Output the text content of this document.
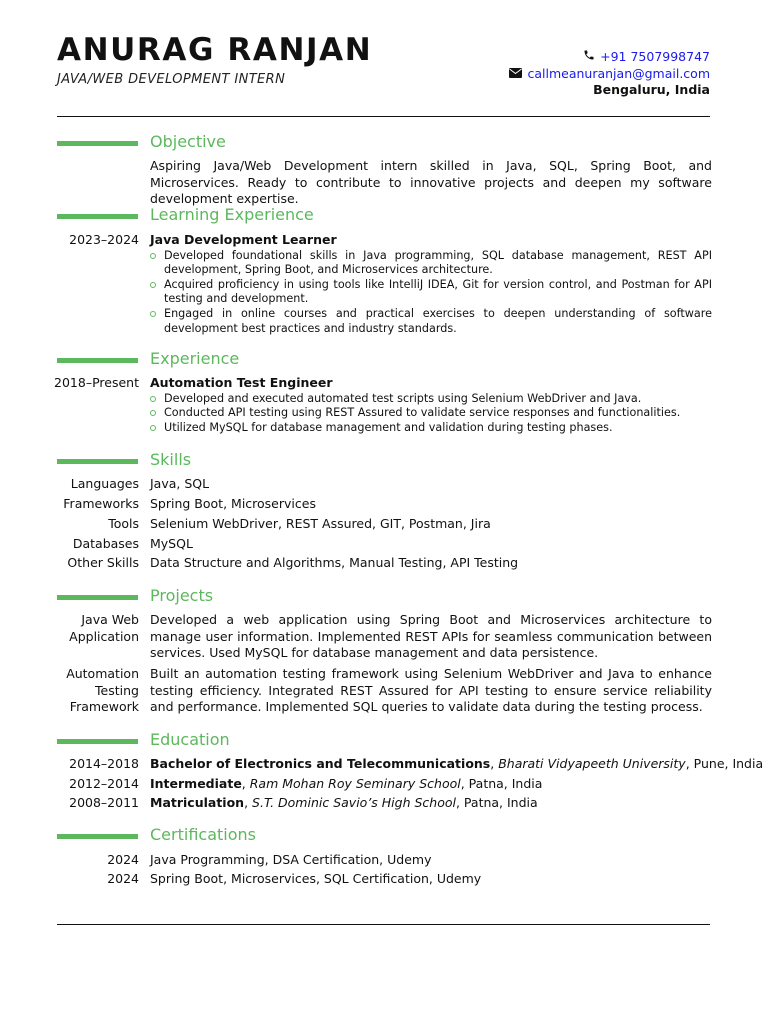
ANURAG RANJAN
JAVA/WEB DEVELOPMENT INTERN
+91 7507998747
callmeanuranjan@gmail.com
Bengaluru, India
Objective
Aspiring Java/Web Development intern skilled in Java, SQL, Spring Boot, and Microservices. Ready to contribute to innovative projects and deepen my software development expertise.
Learning Experience
2023–2024 Java Development Learner
Developed foundational skills in Java programming, SQL database management, REST API development, Spring Boot, and Microservices architecture.
Acquired proficiency in using tools like IntelliJ IDEA, Git for version control, and Postman for API testing and development.
Engaged in online courses and practical exercises to deepen understanding of software development best practices and industry standards.
Experience
2018–Present Automation Test Engineer
Developed and executed automated test scripts using Selenium WebDriver and Java.
Conducted API testing using REST Assured to validate service responses and functionalities.
Utilized MySQL for database management and validation during testing phases.
Skills
Languages Java, SQL
Frameworks Spring Boot, Microservices
Tools Selenium WebDriver, REST Assured, GIT, Postman, Jira
Databases MySQL
Other Skills Data Structure and Algorithms, Manual Testing, API Testing
Projects
Java Web
Application
Developed a web application using Spring Boot and Microservices architecture to manage user information. Implemented REST APIs for seamless communication between services. Used MySQL for database management and data persistence.
Automation
Testing
Framework
Built an automation testing framework using Selenium WebDriver and Java to enhance testing efficiency. Integrated REST Assured for API testing to ensure service reliability and performance. Implemented SQL queries to validate data during the testing process.
Education
2014–2018 Bachelor of Electronics and Telecommunications, Bharati Vidyapeeth University, Pune, India
2012–2014 Intermediate, Ram Mohan Roy Seminary School, Patna, India
2008–2011 Matriculation, S.T. Dominic Savio’s High School, Patna, India
Certifications
2024 Java Programming, DSA Certification, Udemy
2024 Spring Boot, Microservices, SQL Certification, Udemy
